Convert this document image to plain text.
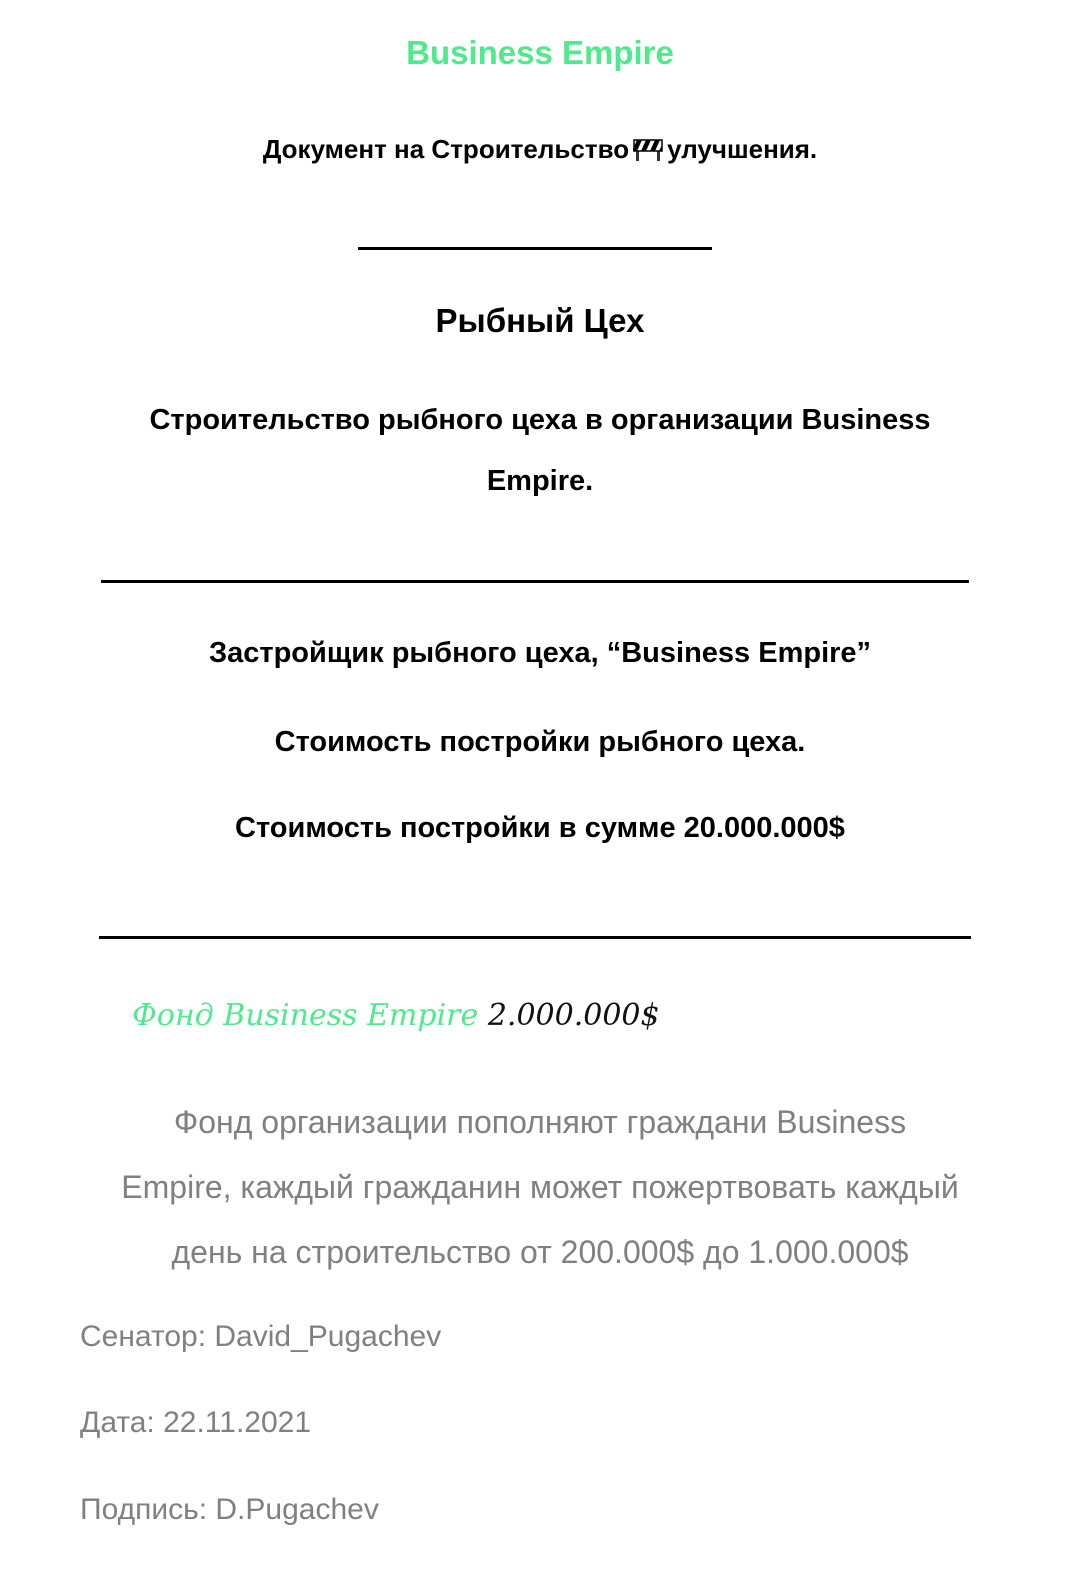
Business Empire
Документ на Строительство улучшения.
Рыбный Цех
Строительство рыбного цеха в организации Business
Empire.
Застройщик рыбного цеха, “Business Empire”
Стоимость постройки рыбного цеха.
Стоимость постройки в сумме 20.000.000$
Фонд Business Empire 2.000.000$
Фонд организации пополняют граждани Business
Empire, каждый гражданин может пожертвовать каждый
день на строительство от 200.000$ до 1.000.000$
Сенатор: David_Pugachev
Дата: 22.11.2021
Подпись: D.Pugachev
